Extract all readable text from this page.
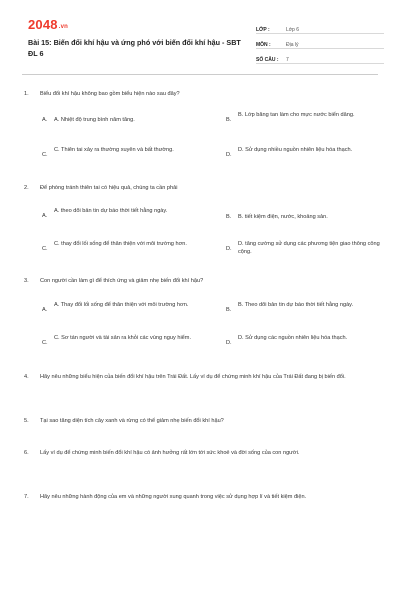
2048.vn
Bài 15: Biến đổi khí hậu và ứng phó với biến đổi khí hậu - SBT ĐL 6
LỚP :	Lớp 6
MÔN :	Địa lý
SỐ CÂU :	7
1.	Biểu đổi khí hậu không bao gồm biểu hiện nào sau đây?
A.	A. Nhiệt độ trung bình năm tăng.	B.
B. Lớp băng tan làm cho mực nước biển dâng.
C.
C. Thiên tai xảy ra thường xuyên và bất thường.
D.
D. Sử dụng nhiều nguồn nhiên liệu hóa thạch.
2.	Để phòng tránh thiên tai có hiệu quả, chúng ta cần phải
A.
A. theo dõi bản tin dự báo thời tiết hằng ngày.
B.	B. tiết kiệm điện, nước, khoảng sản.
C.
C. thay đổi lối sống để thân thiện với môi trường hơn.
D.
D. tăng cường sử dụng các phương tiện giao thông công cộng.
3.	Con người cần làm gì để thích ứng và giảm nhẹ biến đổi khí hậu?
A.
A. Thay đổi lối sống để thân thiện với môi trường hơn.
B.
B. Theo dõi bản tin dự báo thời tiết hằng ngày.
C.
C. Sơ tán người và tài sản ra khỏi các vùng nguy hiểm.
D.
D. Sử dụng các nguồn nhiên liệu hóa thạch.
4.	Hãy nêu những biểu hiện của biến đổi khí hậu trên Trái Đất. Lấy ví dụ để chứng minh khí hậu của Trái Đất đang bị biến đổi.
5.	Tại sao tăng diện tích cây xanh và rừng có thể giảm nhẹ biến đổi khí hậu?
6.	Lấy ví dụ để chứng minh biến đổi khí hậu có ảnh hưởng rất lớn tới sức khoẻ và đời sống của con người.
7.	Hãy nêu những hành động của em và những người xung quanh trong việc sử dụng hợp lí và tiết kiệm điện.
